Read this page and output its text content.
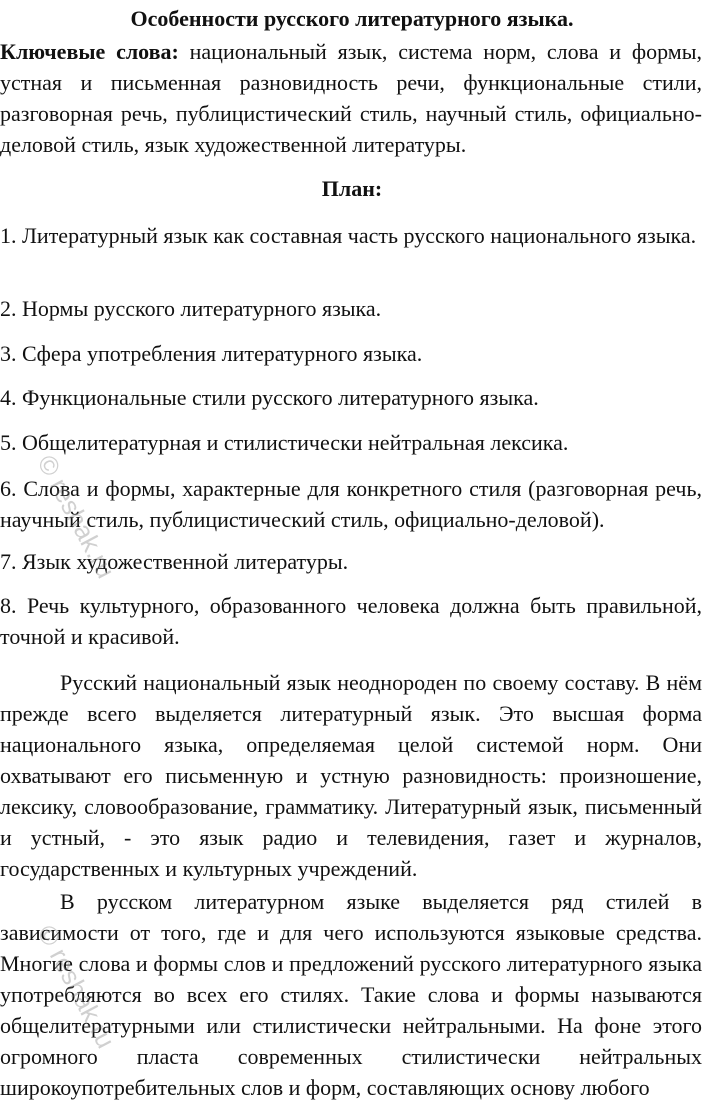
Особенности русского литературного языка.
Ключевые слова: национальный язык, система норм, слова и формы, устная и письменная разновидность речи, функциональные стили, разговорная речь, публицистический стиль, научный стиль, официально-деловой стиль, язык художественной литературы.
План:
1. Литературный язык как составная часть русского национального языка.
2. Нормы русского литературного языка.
3. Сфера употребления литературного языка.
4. Функциональные стили русского литературного языка.
5. Общелитературная и стилистически нейтральная лексика.
6. Слова и формы, характерные для конкретного стиля (разговорная речь, научный стиль, публицистический стиль, официально-деловой).
7. Язык художественной литературы.
8. Речь культурного, образованного человека должна быть правильной, точной и красивой.
Русский национальный язык неоднороден по своему составу. В нём прежде всего выделяется литературный язык. Это высшая форма национального языка, определяемая целой системой норм. Они охватывают его письменную и устную разновидность: произношение, лексику, словообразование, грамматику. Литературный язык, письменный и устный, - это язык радио и телевидения, газет и журналов, государственных и культурных учреждений.
В русском литературном языке выделяется ряд стилей в зависимости от того, где и для чего используются языковые средства. Многие слова и формы слов и предложений русского литературного языка употребляются во всех его стилях. Такие слова и формы называются общелитературными или стилистически нейтральными. На фоне этого огромного пласта современных стилистически нейтральных широкоупотребительных слов и форм, составляющих основу любого
© reshak.ru
© reshak.ru
